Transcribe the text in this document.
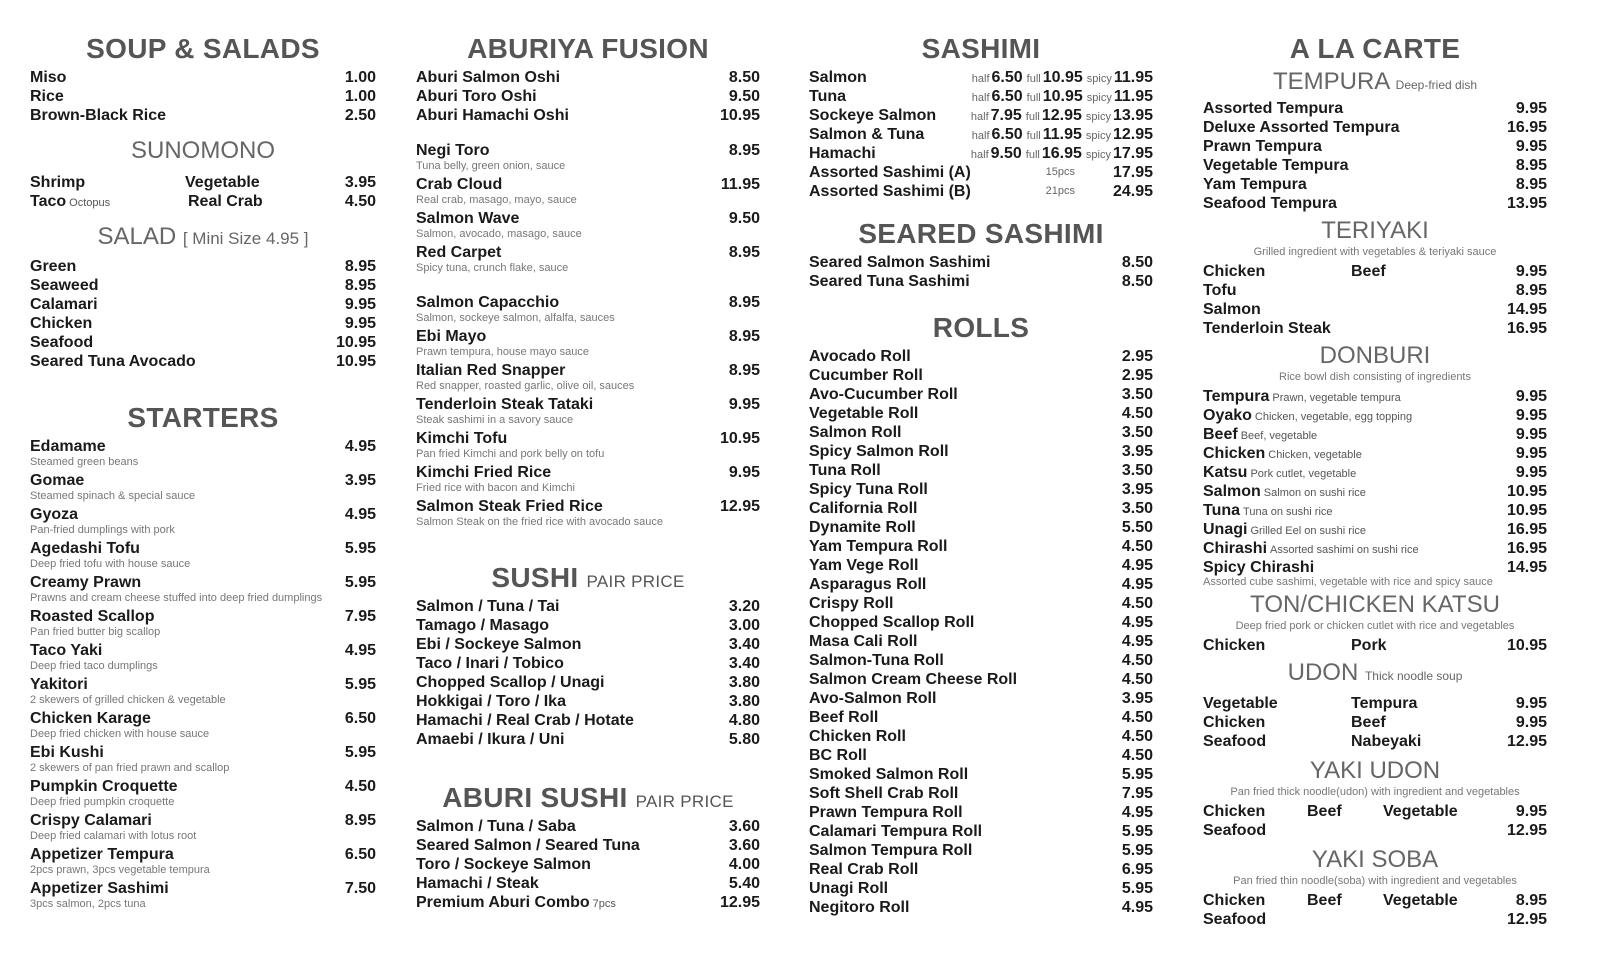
SOUP & SALADS
Miso	1.00
Rice	1.00
Brown-Black Rice	2.50
SUNOMONO
Shrimp	Vegetable	3.95
Taco Octopus	Real Crab	4.50
SALAD [ Mini Size 4.95 ]
Green	8.95
Seaweed	8.95
Calamari	9.95
Chicken	9.95
Seafood	10.95
Seared Tuna Avocado	10.95
STARTERS
Edamame	4.95
Steamed green beans
Gomae	3.95
Steamed spinach & special sauce
Gyoza	4.95
Pan-fried dumplings with pork
Agedashi Tofu	5.95
Deep fried tofu with house sauce
Creamy Prawn	5.95
Prawns and cream cheese stuffed into deep fried dumplings
Roasted Scallop	7.95
Pan fried butter big scallop
Taco Yaki	4.95
Deep fried taco dumplings
Yakitori	5.95
2 skewers of grilled chicken & vegetable
Chicken Karage	6.50
Deep fried chicken with house sauce
Ebi Kushi	5.95
2 skewers of pan fried prawn and scallop
Pumpkin Croquette	4.50
Deep fried pumpkin croquette
Crispy Calamari	8.95
Deep fried calamari with lotus root
Appetizer Tempura	6.50
2pcs prawn, 3pcs vegetable tempura
Appetizer Sashimi	7.50
3pcs salmon, 2pcs tuna
ABURIYA FUSION
Aburi Salmon Oshi	8.50
Aburi Toro Oshi	9.50
Aburi Hamachi Oshi	10.95
Negi Toro	8.95
Tuna belly, green onion, sauce
Crab Cloud	11.95
Real crab, masago, mayo, sauce
Salmon Wave	9.50
Salmon, avocado, masago, sauce
Red Carpet	8.95
Spicy tuna, crunch flake, sauce
Salmon Capacchio	8.95
Salmon, sockeye salmon, alfalfa, sauces
Ebi Mayo	8.95
Prawn tempura, house mayo sauce
Italian Red Snapper	8.95
Red snapper, roasted garlic, olive oil, sauces
Tenderloin Steak Tataki	9.95
Steak sashimi in a savory sauce
Kimchi Tofu	10.95
Pan fried Kimchi and pork belly on tofu
Kimchi Fried Rice	9.95
Fried rice with bacon and Kimchi
Salmon Steak Fried Rice	12.95
Salmon Steak on the fried rice with avocado sauce
SUSHI PAIR PRICE
Salmon / Tuna / Tai	3.20
Tamago / Masago	3.00
Ebi / Sockeye Salmon	3.40
Taco / Inari / Tobico	3.40
Chopped Scallop / Unagi	3.80
Hokkigai / Toro / Ika	3.80
Hamachi / Real Crab / Hotate	4.80
Amaebi / Ikura / Uni	5.80
ABURI SUSHI PAIR PRICE
Salmon / Tuna / Saba	3.60
Seared Salmon / Seared Tuna	3.60
Toro / Sockeye Salmon	4.00
Hamachi / Steak	5.40
Premium Aburi Combo 7pcs	12.95
SASHIMI
Salmon	half 6.50 full 10.95 spicy 11.95
Tuna	half 6.50 full 10.95 spicy 11.95
Sockeye Salmon	half 7.95 full 12.95 spicy 13.95
Salmon & Tuna	half 6.50 full 11.95 spicy 12.95
Hamachi	half 9.50 full 16.95 spicy 17.95
Assorted Sashimi (A)	15pcs 17.95
Assorted Sashimi (B)	21pcs 24.95
SEARED SASHIMI
Seared Salmon Sashimi	8.50
Seared Tuna Sashimi	8.50
ROLLS
Avocado Roll	2.95
Cucumber Roll	2.95
Avo-Cucumber Roll	3.50
Vegetable Roll	4.50
Salmon Roll	3.50
Spicy Salmon Roll	3.95
Tuna Roll	3.50
Spicy Tuna Roll	3.95
California Roll	3.50
Dynamite Roll	5.50
Yam Tempura Roll	4.50
Yam Vege Roll	4.95
Asparagus Roll	4.95
Crispy Roll	4.50
Chopped Scallop Roll	4.95
Masa Cali Roll	4.95
Salmon-Tuna Roll	4.50
Salmon Cream Cheese Roll	4.50
Avo-Salmon Roll	3.95
Beef Roll	4.50
Chicken Roll	4.50
BC Roll	4.50
Smoked Salmon Roll	5.95
Soft Shell Crab Roll	7.95
Prawn Tempura Roll	4.95
Calamari Tempura Roll	5.95
Salmon Tempura Roll	5.95
Real Crab Roll	6.95
Unagi Roll	5.95
Negitoro Roll	4.95
A LA CARTE
TEMPURA Deep-fried dish
Assorted Tempura	9.95
Deluxe Assorted Tempura	16.95
Prawn Tempura	9.95
Vegetable Tempura	8.95
Yam Tempura	8.95
Seafood Tempura	13.95
TERIYAKI
Grilled ingredient with vegetables & teriyaki sauce
Chicken	Beef	9.95
Tofu	8.95
Salmon	14.95
Tenderloin Steak	16.95
DONBURI
Rice bowl dish consisting of ingredients
Tempura Prawn, vegetable tempura	9.95
Oyako Chicken, vegetable, egg topping	9.95
Beef Beef, vegetable	9.95
Chicken Chicken, vegetable	9.95
Katsu Pork cutlet, vegetable	9.95
Salmon Salmon on sushi rice	10.95
Tuna Tuna on sushi rice	10.95
Unagi Grilled Eel on sushi rice	16.95
Chirashi Assorted sashimi on sushi rice	16.95
Spicy Chirashi	14.95
Assorted cube sashimi, vegetable with rice and spicy sauce
TON/CHICKEN KATSU
Deep fried pork or chicken cutlet with rice and vegetables
Chicken	Pork	10.95
UDON Thick noodle soup
Vegetable	Tempura	9.95
Chicken	Beef	9.95
Seafood	Nabeyaki	12.95
YAKI UDON
Pan fried thick noodle(udon) with ingredient and vegetables
Chicken	Beef	Vegetable	9.95
Seafood	12.95
YAKI SOBA
Pan fried thin noodle(soba) with ingredient and vegetables
Chicken	Beef	Vegetable	8.95
Seafood	12.95
